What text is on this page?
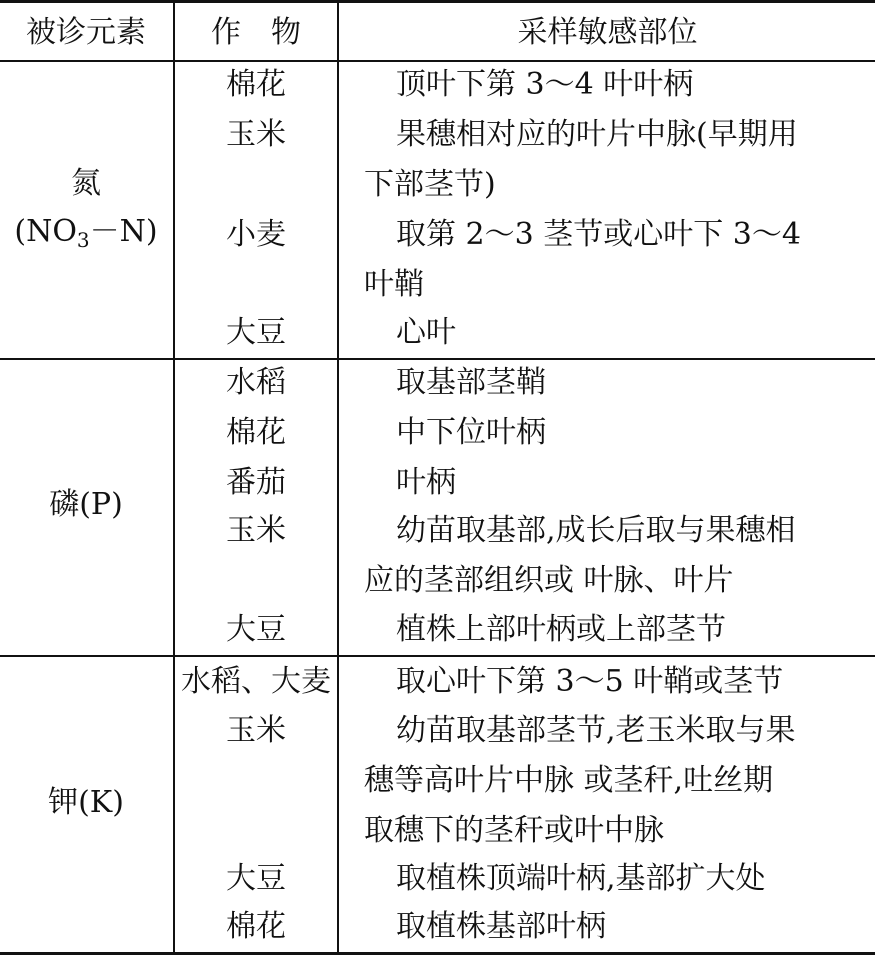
被诊元素	作　物	采样敏感部位
氮
$(NO_3-N)$
棉花	顶叶下第 3～4 叶叶柄
玉米	果穗相对应的叶片中脉(早期用
下部茎节)
小麦	取第 2～3 茎节或心叶下 3～4
叶鞘
大豆	心叶
磷(P)
水稻	取基部茎鞘
棉花	中下位叶柄
番茄	叶柄
玉米	幼苗取基部,成长后取与果穗相
应的茎部组织或 叶脉、叶片
大豆	植株上部叶柄或上部茎节
钾(K)
水稻、大麦	取心叶下第 3～5 叶鞘或茎节
玉米	幼苗取基部茎节,老玉米取与果
穗等高叶片中脉 或茎秆,吐丝期
取穗下的茎秆或叶中脉
大豆	取植株顶端叶柄,基部扩大处
棉花	取植株基部叶柄
